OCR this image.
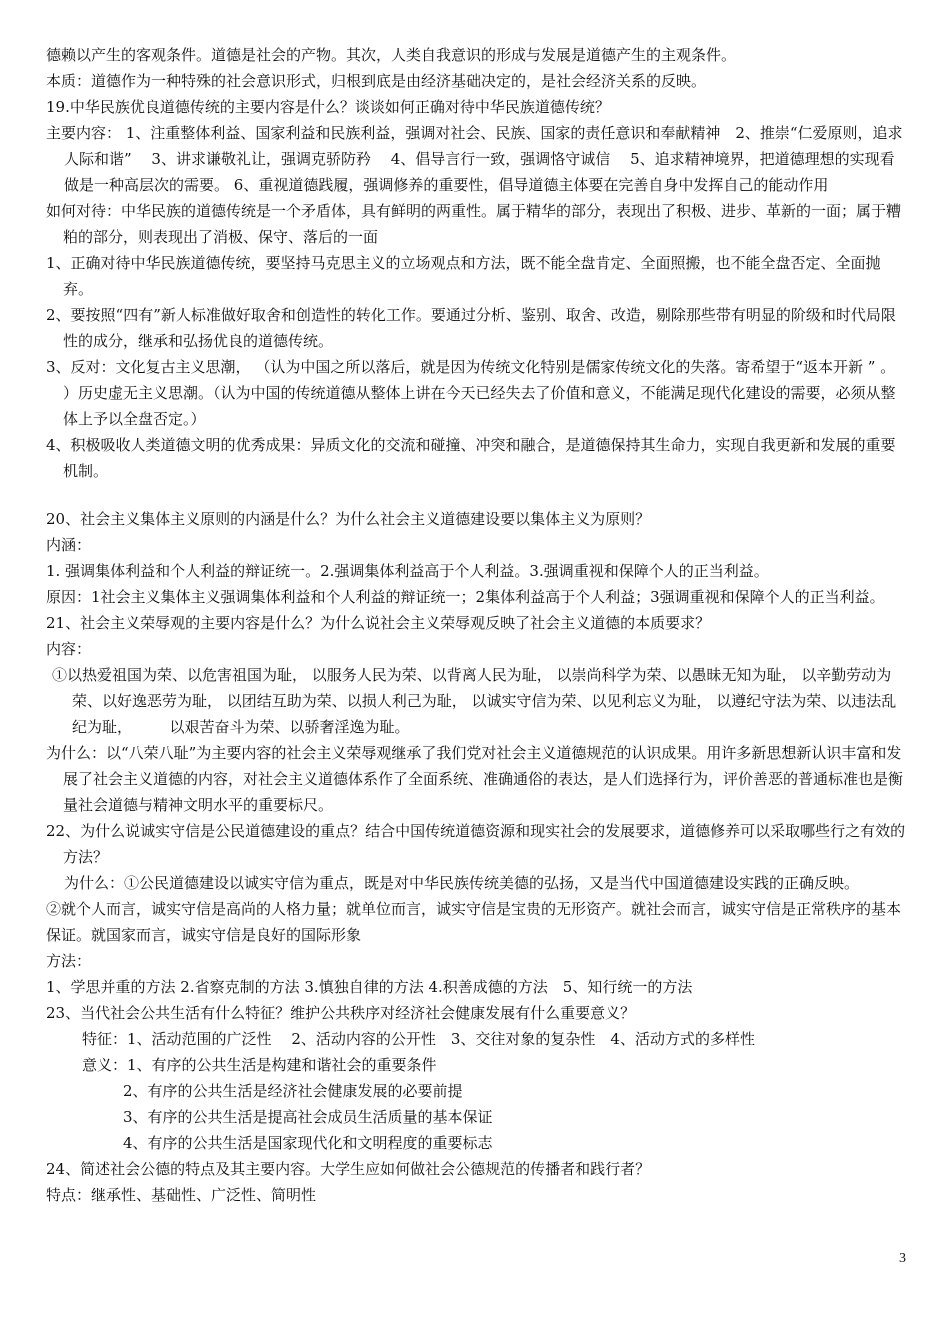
德赖以产生的客观条件。道德是社会的产物。其次，人类自我意识的形成与发展是道德产生的主观条件。

本质：道德作为一种特殊的社会意识形式，归根到底是由经济基础决定的，是社会经济关系的反映。

19.中华民族优良道德传统的主要内容是什么？谈谈如何正确对待中华民族道德传统？

主要内容： 1、注重整体利益、国家利益和民族利益，强调对社会、民族、国家的责任意识和奉献精神　2、推崇“仁爱原则，追求人际和谐”　 3、讲求谦敬礼让，强调克骄防矜　 4、倡导言行一致，强调恪守诚信　 5、追求精神境界，把道德理想的实现看做是一种高层次的需要。 6、重视道德践履，强调修养的重要性，倡导道德主体要在完善自身中发挥自己的能动作用

如何对待：中华民族的道德传统是一个矛盾体，具有鲜明的两重性。属于精华的部分，表现出了积极、进步、革新的一面；属于糟粕的部分，则表现出了消极、保守、落后的一面

1、正确对待中华民族道德传统，要坚持马克思主义的立场观点和方法，既不能全盘肯定、全面照搬，也不能全盘否定、全面抛弃。

2、要按照“四有”新人标准做好取舍和创造性的转化工作。要通过分析、鉴别、取舍、改造，剔除那些带有明显的阶级和时代局限性的成分，继承和弘扬优良的道德传统。

3、反对：文化复古主义思潮， （认为中国之所以落后，就是因为传统文化特别是儒家传统文化的失落。寄希望于“返本开新 ” 。 ）历史虚无主义思潮。（认为中国的传统道德从整体上讲在今天已经失去了价值和意义，不能满足现代化建设的需要，必须从整体上予以全盘否定。）

4、积极吸收人类道德文明的优秀成果：异质文化的交流和碰撞、冲突和融合，是道德保持其生命力，实现自我更新和发展的重要机制。

20、社会主义集体主义原则的内涵是什么？为什么社会主义道德建设要以集体主义为原则？

内涵：

1. 强调集体利益和个人利益的辩证统一。2.强调集体利益高于个人利益。3.强调重视和保障个人的正当利益。

原因：1社会主义集体主义强调集体利益和个人利益的辩证统一；2集体利益高于个人利益；3强调重视和保障个人的正当利益。

21、社会主义荣辱观的主要内容是什么？为什么说社会主义荣辱观反映了社会主义道德的本质要求？

内容：

①以热爱祖国为荣、以危害祖国为耻， 以服务人民为荣、以背离人民为耻， 以崇尚科学为荣、以愚昧无知为耻， 以辛勤劳动为荣、以好逸恶劳为耻， 以团结互助为荣、以损人利己为耻， 以诚实守信为荣、以见利忘义为耻， 以遵纪守法为荣、以违法乱纪为耻，　　　以艰苦奋斗为荣、以骄奢淫逸为耻。

为什么：以“八荣八耻”为主要内容的社会主义荣辱观继承了我们党对社会主义道德规范的认识成果。用许多新思想新认识丰富和发展了社会主义道德的内容，对社会主义道德体系作了全面系统、准确通俗的表达，是人们选择行为，评价善恶的普通标准也是衡量社会道德与精神文明水平的重要标尺。

22、为什么说诚实守信是公民道德建设的重点？结合中国传统道德资源和现实社会的发展要求，道德修养可以采取哪些行之有效的方法？

为什么：①公民道德建设以诚实守信为重点，既是对中华民族传统美德的弘扬，又是当代中国道德建设实践的正确反映。

②就个人而言，诚实守信是高尚的人格力量；就单位而言，诚实守信是宝贵的无形资产。就社会而言，诚实守信是正常秩序的基本保证。就国家而言，诚实守信是良好的国际形象

方法：

1、学思并重的方法 2.省察克制的方法 3.慎独自律的方法 4.积善成德的方法　5、知行统一的方法

23、当代社会公共生活有什么特征？维护公共秩序对经济社会健康发展有什么重要意义？

特征：1、活动范围的广泛性　 2、活动内容的公开性　3、交往对象的复杂性　4、活动方式的多样性

意义：1、有序的公共生活是构建和谐社会的重要条件

2、有序的公共生活是经济社会健康发展的必要前提

3、有序的公共生活是提高社会成员生活质量的基本保证

4、有序的公共生活是国家现代化和文明程度的重要标志

24、简述社会公德的特点及其主要内容。大学生应如何做社会公德规范的传播者和践行者？

特点：继承性、基础性、广泛性、简明性

3
